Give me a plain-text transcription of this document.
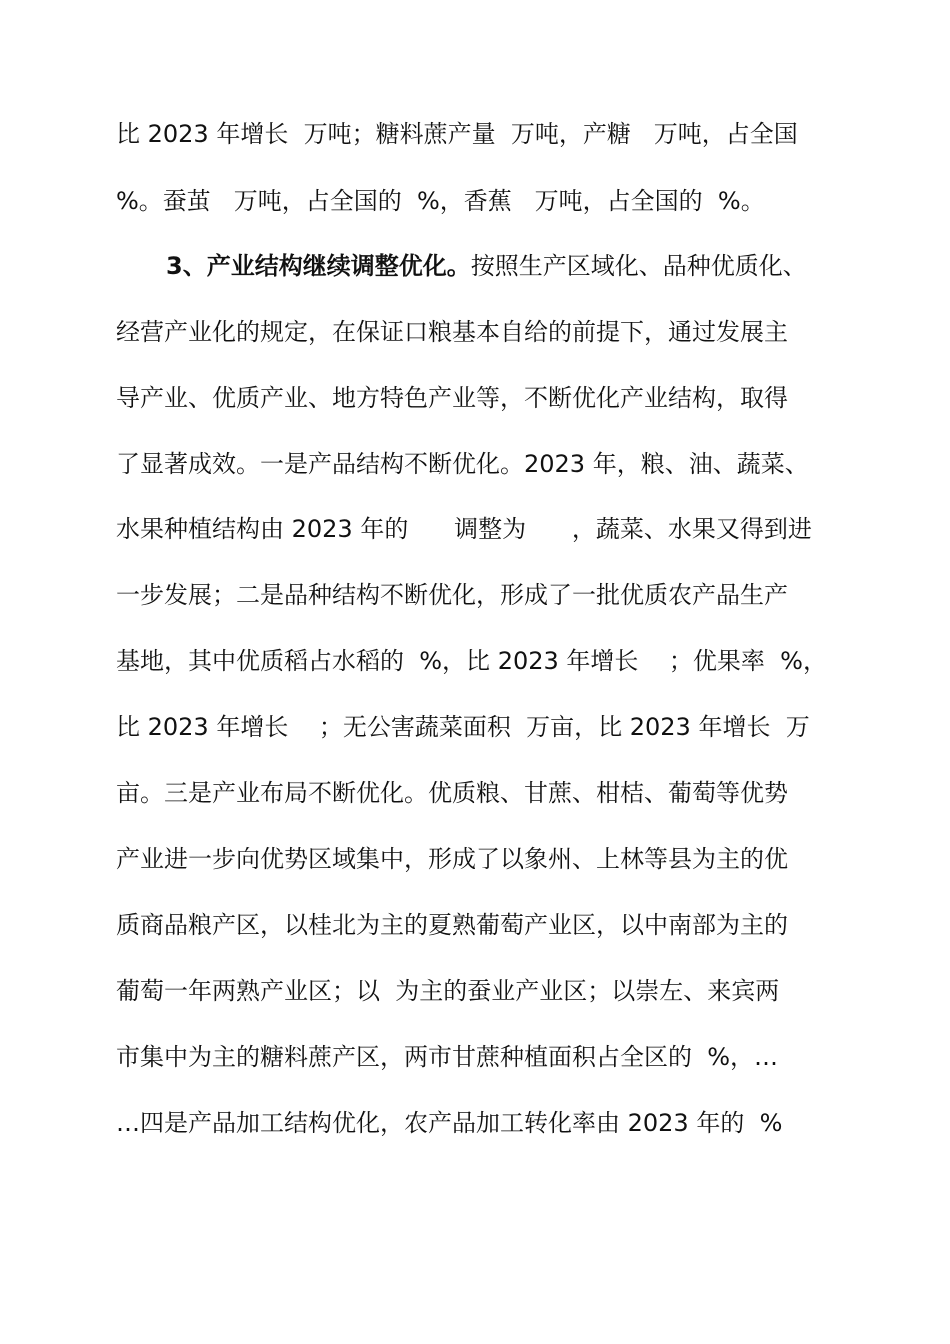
比 2023 年增长  万吨；糖料蔗产量  万吨，产糖   万吨，占全国
%。蚕茧   万吨，占全国的  %，香蕉   万吨，占全国的  %。
3、产业结构继续调整优化。按照生产区域化、品种优质化、
经营产业化的规定，在保证口粮基本自给的前提下，通过发展主
导产业、优质产业、地方特色产业等，不断优化产业结构，取得
了显著成效。一是产品结构不断优化。2023 年，粮、油、蔬菜、
水果种植结构由 2023 年的      调整为      ，蔬菜、水果又得到进
一步发展；二是品种结构不断优化，形成了一批优质农产品生产
基地，其中优质稻占水稻的  %，比 2023 年增长    ；优果率  %，
比 2023 年增长    ；无公害蔬菜面积  万亩，比 2023 年增长  万
亩。三是产业布局不断优化。优质粮、甘蔗、柑桔、葡萄等优势
产业进一步向优势区域集中，形成了以象州、上林等县为主的优
质商品粮产区，以桂北为主的夏熟葡萄产业区，以中南部为主的
葡萄一年两熟产业区；以  为主的蚕业产业区；以崇左、来宾两
市集中为主的糖料蔗产区，两市甘蔗种植面积占全区的  %，…
…四是产品加工结构优化，农产品加工转化率由 2023 年的  %
